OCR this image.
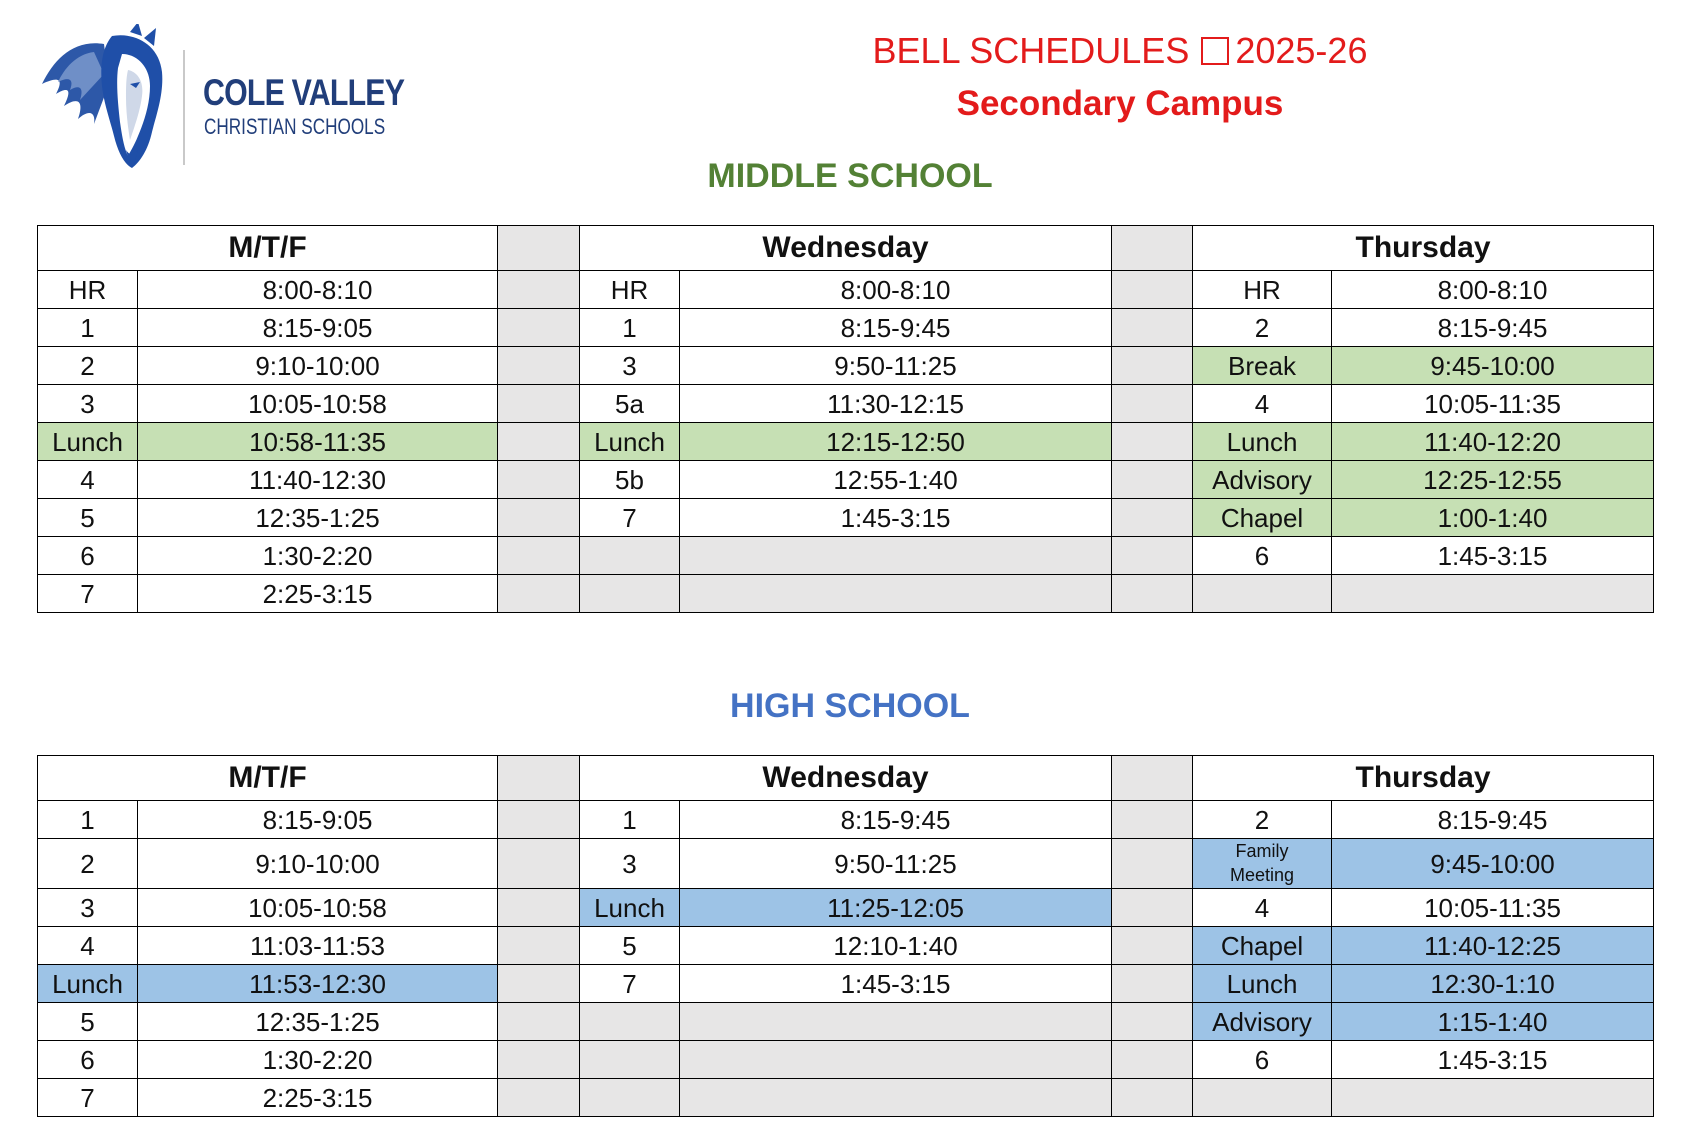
COLE VALLEY
CHRISTIAN SCHOOLS
BELL SCHEDULES 2025-26
Secondary Campus
MIDDLE SCHOOL
M/T/F			Wednesday			Thursday	
HR	8:00-8:10		HR	8:00-8:10		HR	8:00-8:10
1	8:15-9:05		1	8:15-9:45		2	8:15-9:45
2	9:10-10:00		3	9:50-11:25		Break	9:45-10:00
3	10:05-10:58		5a	11:30-12:15		4	10:05-11:35
Lunch	10:58-11:35		Lunch	12:15-12:50		Lunch	11:40-12:20
4	11:40-12:30		5b	12:55-1:40		Advisory	12:25-12:55
5	12:35-1:25		7	1:45-3:15		Chapel	1:00-1:40
6	1:30-2:20					6	1:45-3:15
7	2:25-3:15						
HIGH SCHOOL
M/T/F			Wednesday			Thursday	
1	8:15-9:05		1	8:15-9:45		2	8:15-9:45
2	9:10-10:00		3	9:50-11:25		Family Meeting	9:45-10:00
3	10:05-10:58		Lunch	11:25-12:05		4	10:05-11:35
4	11:03-11:53		5	12:10-1:40		Chapel	11:40-12:25
Lunch	11:53-12:30		7	1:45-3:15		Lunch	12:30-1:10
5	12:35-1:25					Advisory	1:15-1:40
6	1:30-2:20					6	1:45-3:15
7	2:25-3:15						
